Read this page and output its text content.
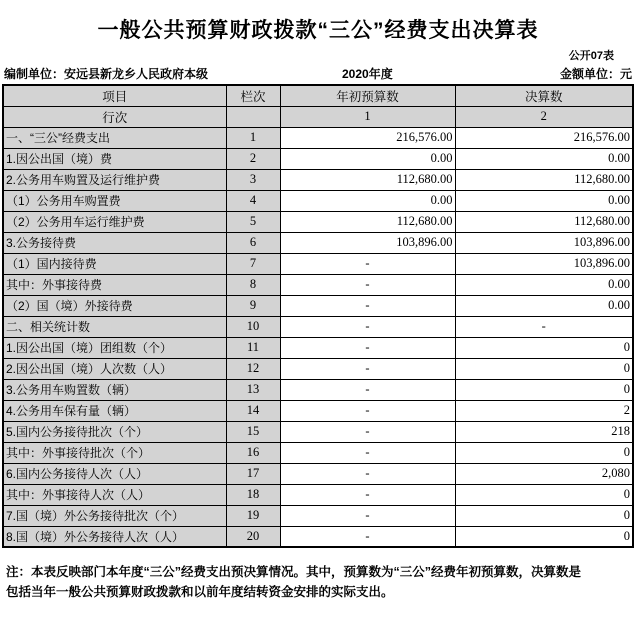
一般公共预算财政拨款“三公”经费支出决算表
公开07表
编制单位：安远县新龙乡人民政府本级	2020年度	金额单位：元
项目	栏次	年初预算数	决算数
行次		1	2
一、“三公”经费支出	1	216,576.00	216,576.00
1.因公出国（境）费	2	0.00	0.00
2.公务用车购置及运行维护费	3	112,680.00	112,680.00
（1）公务用车购置费	4	0.00	0.00
（2）公务用车运行维护费	5	112,680.00	112,680.00
3.公务接待费	6	103,896.00	103,896.00
（1）国内接待费	7	-	103,896.00
其中：外事接待费	8	-	0.00
（2）国（境）外接待费	9	-	0.00
二、相关统计数	10	-	-
1.因公出国（境）团组数（个）	11	-	0
2.因公出国（境）人次数（人）	12	-	0
3.公务用车购置数（辆）	13	-	0
4.公务用车保有量（辆）	14	-	2
5.国内公务接待批次（个）	15	-	218
其中：外事接待批次（个）	16	-	0
6.国内公务接待人次（人）	17	-	2,080
其中：外事接待人次（人）	18	-	0
7.国（境）外公务接待批次（个）	19	-	0
8.国（境）外公务接待人次（人）	20	-	0
注：本表反映部门本年度“三公”经费支出预决算情况。其中，预算数为“三公”经费年初预算数，决算数是
包括当年一般公共预算财政拨款和以前年度结转资金安排的实际支出。
